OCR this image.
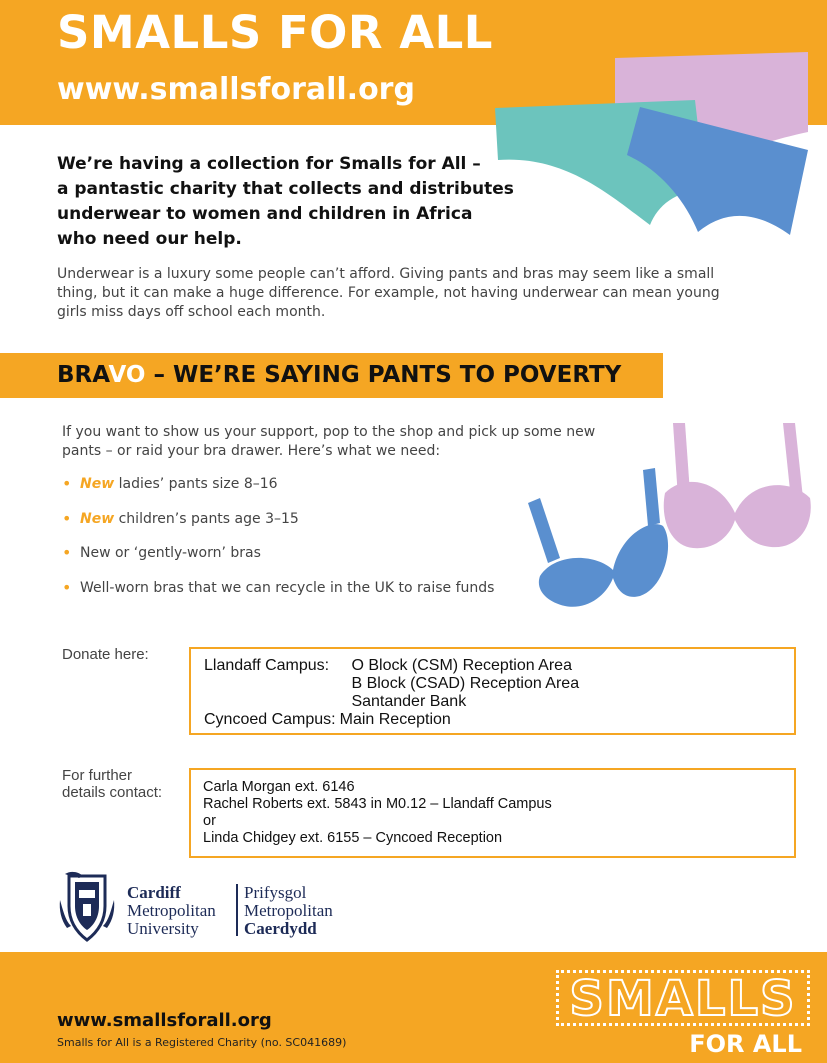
SMALLS FOR ALL
www.smallsforall.org
We’re having a collection for Smalls for All –
a pantastic charity that collects and distributes
underwear to women and children in Africa
who need our help.
Underwear is a luxury some people can’t afford. Giving pants and bras may seem like a small thing, but it can make a huge difference. For example, not having underwear can mean young girls miss days off school each month.
BRAVO – WE’RE SAYING PANTS TO POVERTY
If you want to show us your support, pop to the shop and pick up some new pants – or raid your bra drawer. Here’s what we need:
• New ladies’ pants size 8–16
• New children’s pants age 3–15
• New or ‘gently-worn’ bras
• Well-worn bras that we can recycle in the UK to raise funds
Donate here:
Llandaff Campus:	O Block (CSM) Reception Area
B Block (CSAD) Reception Area
Santander Bank
Cyncoed Campus: Main Reception
For further
details contact:	Carla Morgan ext. 6146
Rachel Roberts ext. 5843 in M0.12 – Llandaff Campus
or
Linda Chidgey ext. 6155 – Cyncoed Reception
Cardiff
Metropolitan
University
Prifysgol
Metropolitan
Caerdydd
www.smallsforall.org
Smalls for All is a Registered Charity (no. SC041689)
SMALLS
FOR ALL
